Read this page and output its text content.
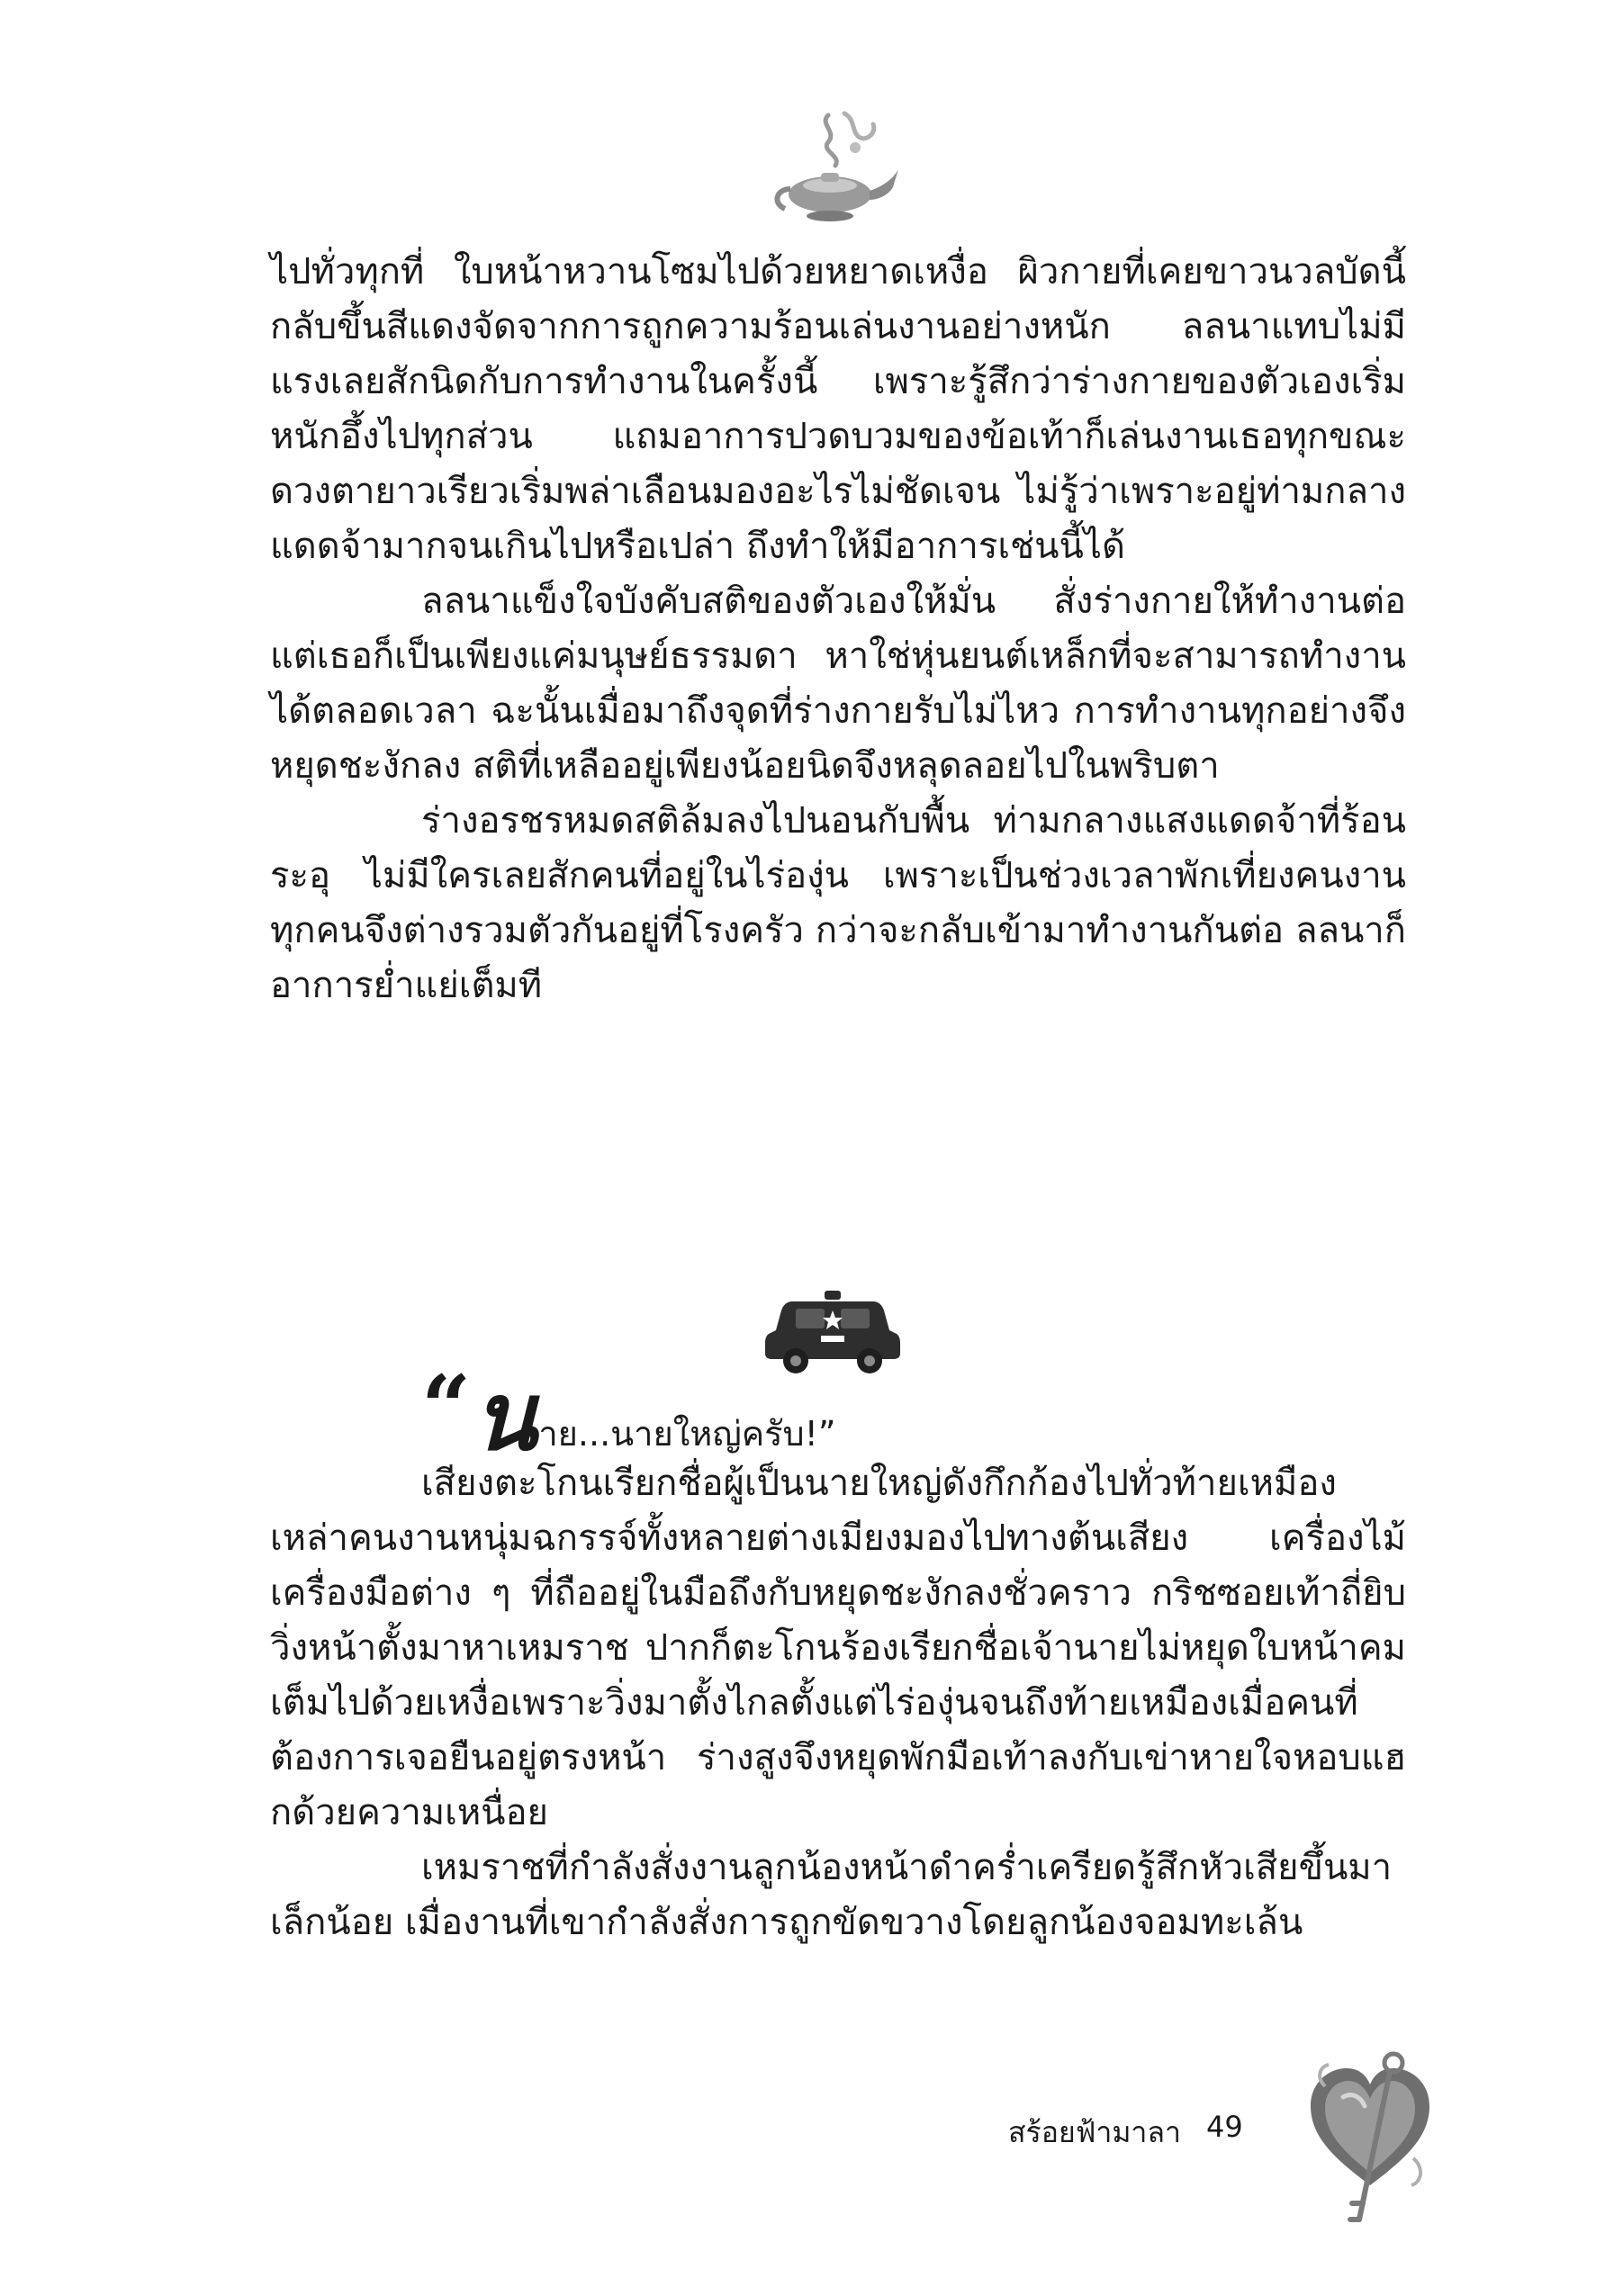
ไปทั่วทุกที่ ใบหน้าหวานโซมไปด้วยหยาดเหงื่อ ผิวกายที่เคยขาวนวลบัดนี้กลับขึ้นสีแดงจัดจากการถูกความร้อนเล่นงานอย่างหนัก ลลนาแทบไม่มีแรงเลยสักนิดกับการทำงานในครั้งนี้ เพราะรู้สึกว่าร่างกายของตัวเองเริ่มหนักอึ้งไปทุกส่วน แถมอาการปวดบวมของข้อเท้าก็เล่นงานเธอทุกขณะ ดวงตายาวเรียวเริ่มพล่าเลือนมองอะไรไม่ชัดเจน ไม่รู้ว่าเพราะอยู่ท่ามกลางแดดจ้ามากจนเกินไปหรือเปล่า ถึงทำให้มีอาการเช่นนี้ได้

ลลนาแข็งใจบังคับสติของตัวเองให้มั่น สั่งร่างกายให้ทำงานต่อ แต่เธอก็เป็นเพียงแค่มนุษย์ธรรมดา หาใช่หุ่นยนต์เหล็กที่จะสามารถทำงานได้ตลอดเวลา ฉะนั้นเมื่อมาถึงจุดที่ร่างกายรับไม่ไหว การทำงานทุกอย่างจึงหยุดชะงักลง สติที่เหลืออยู่เพียงน้อยนิดจึงหลุดลอยไปในพริบตา

ร่างอรชรหมดสติล้มลงไปนอนกับพื้น ท่ามกลางแสงแดดจ้าที่ร้อนระอุ ไม่มีใครเลยสักคนที่อยู่ในไร่องุ่น เพราะเป็นช่วงเวลาพักเที่ยงคนงานทุกคนจึงต่างรวมตัวกันอยู่ที่โรงครัว กว่าจะกลับเข้ามาทำงานกันต่อ ลลนาก็อาการย่ำแย่เต็มที

“ น าย...นายใหญ่ครับ!”

เสียงตะโกนเรียกชื่อผู้เป็นนายใหญ่ดังกึกก้องไปทั่วท้ายเหมืองเหล่าคนงานหนุ่มฉกรรจ์ทั้งหลายต่างเมียงมองไปทางต้นเสียง เครื่องไม้เครื่องมือต่าง ๆ ที่ถืออยู่ในมือถึงกับหยุดชะงักลงชั่วคราว กริชซอยเท้าถี่ยิบวิ่งหน้าตั้งมาหาเหมราช ปากก็ตะโกนร้องเรียกชื่อเจ้านายไม่หยุดใบหน้าคมเต็มไปด้วยเหงื่อเพราะวิ่งมาตั้งไกลตั้งแต่ไร่องุ่นจนถึงท้ายเหมืองเมื่อคนที่ต้องการเจอยืนอยู่ตรงหน้า ร่างสูงจึงหยุดพักมือเท้าลงกับเข่าหายใจหอบแฮกด้วยความเหนื่อย

เหมราชที่กำลังสั่งงานลูกน้องหน้าดำคร่ำเครียดรู้สึกหัวเสียขึ้นมาเล็กน้อย เมื่องานที่เขากำลังสั่งการถูกขัดขวางโดยลูกน้องจอมทะเล้น

สร้อยฟ้ามาลา 49
